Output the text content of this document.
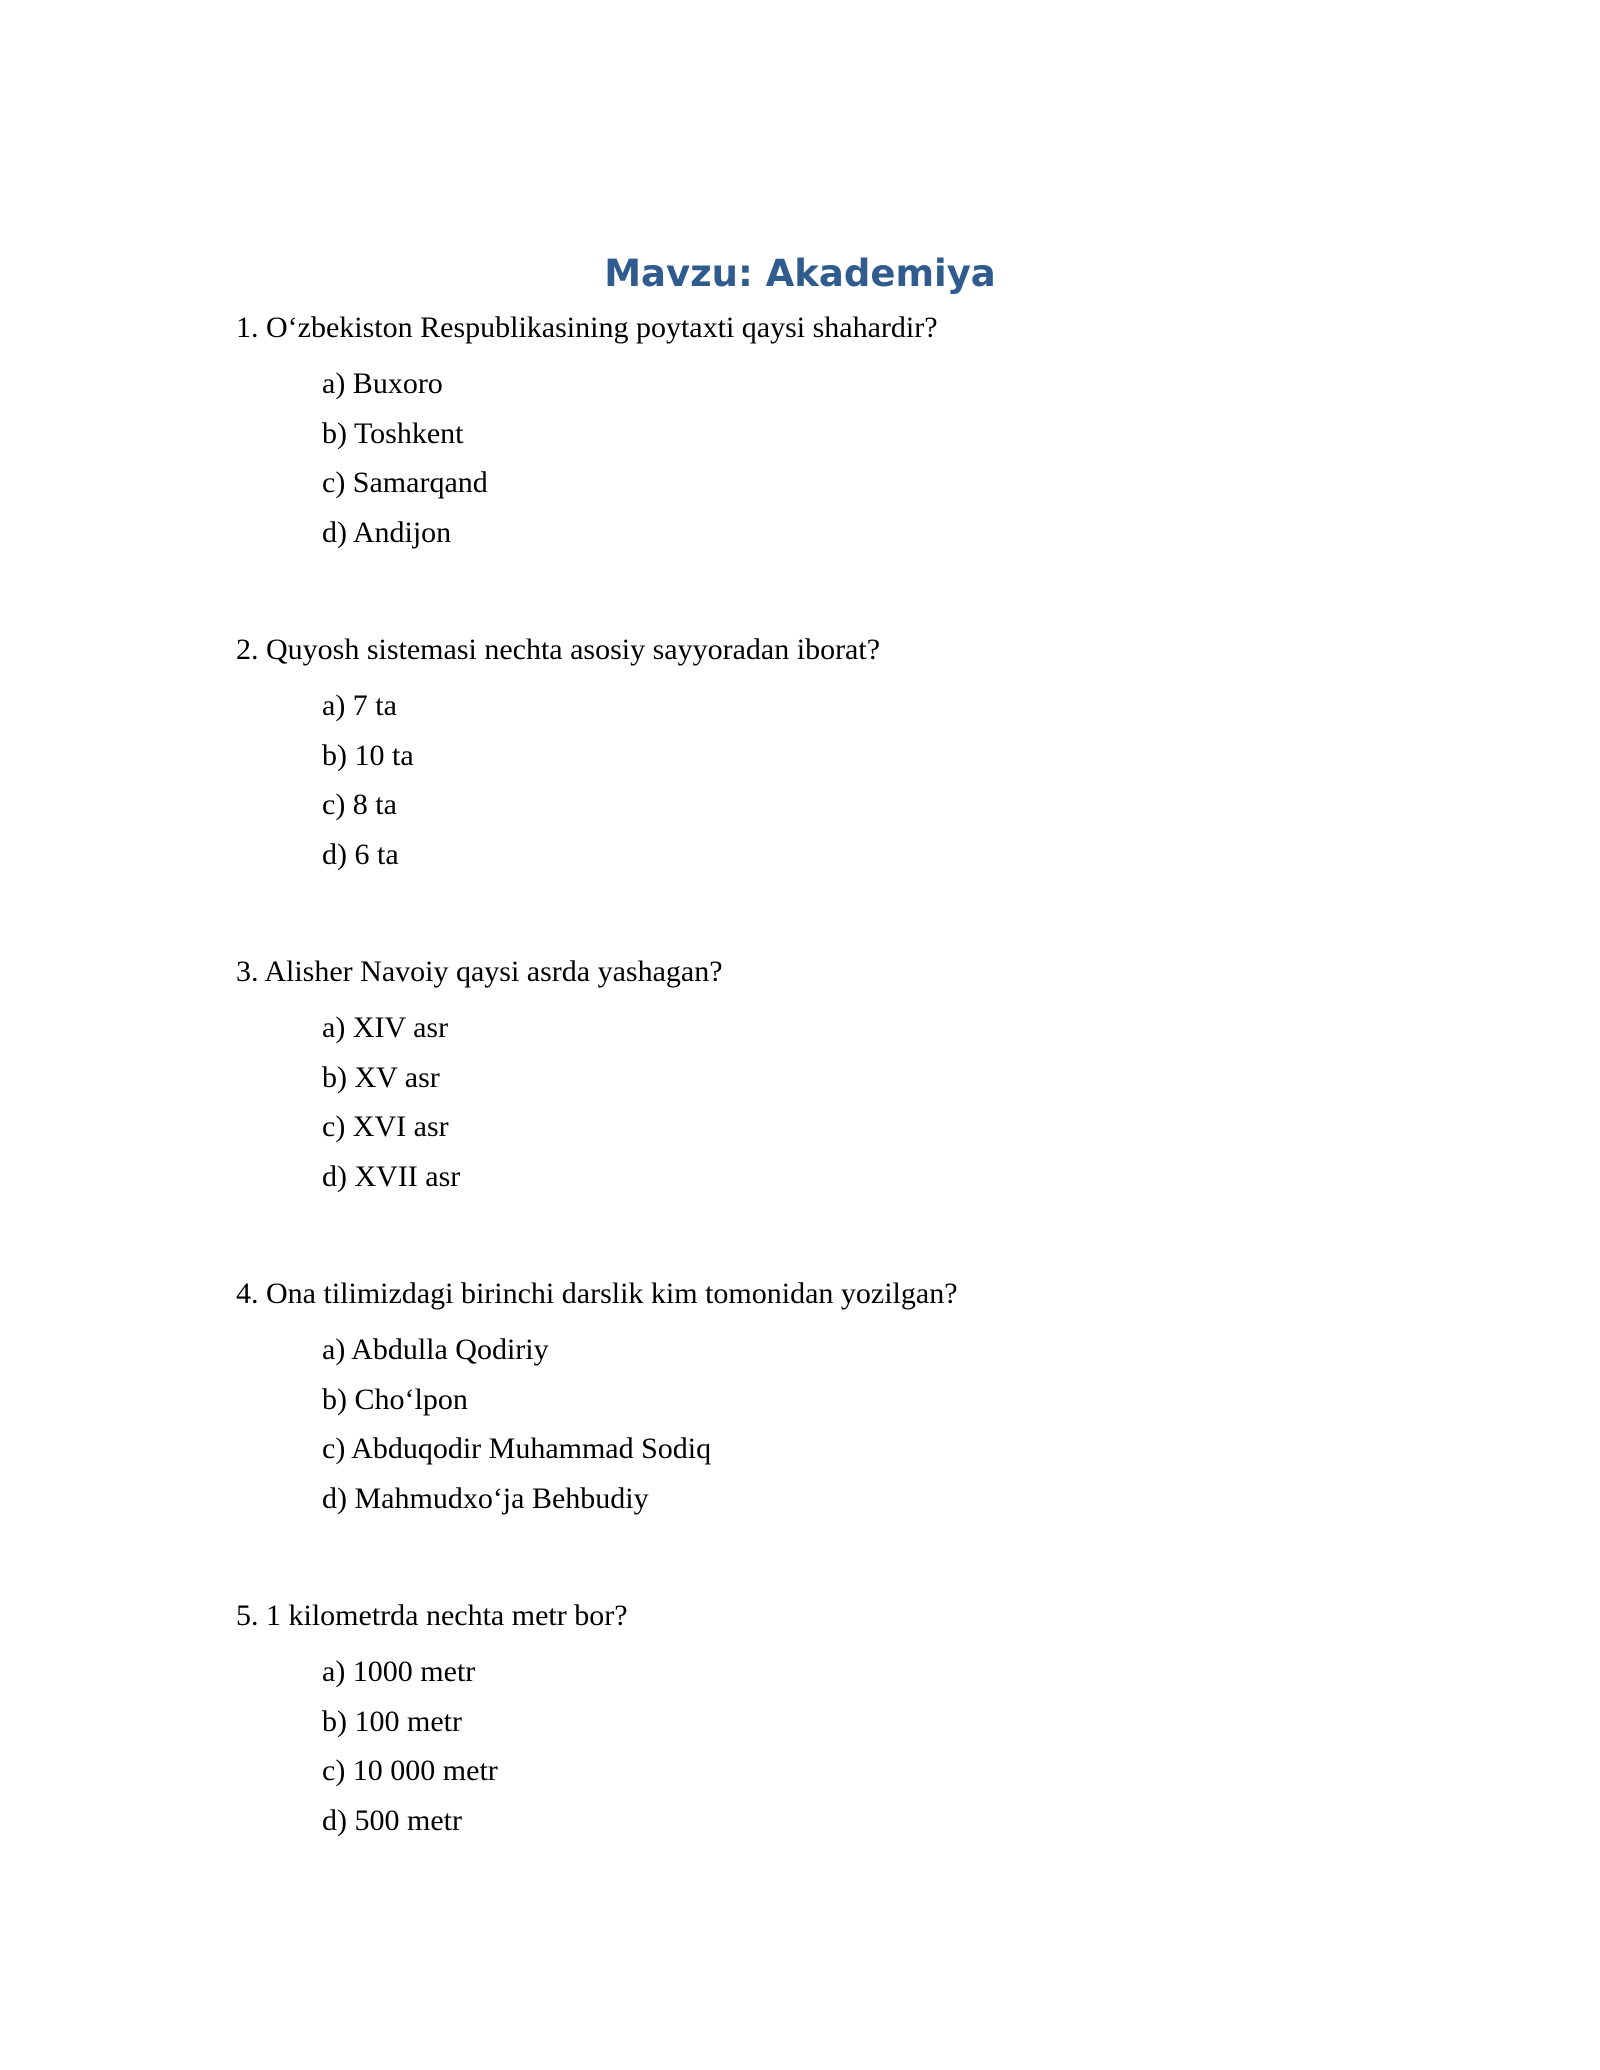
Mavzu: Akademiya
1. O‘zbekiston Respublikasining poytaxti qaysi shahardir?
a) Buxoro
b) Toshkent
c) Samarqand
d) Andijon
2. Quyosh sistemasi nechta asosiy sayyoradan iborat?
a) 7 ta
b) 10 ta
c) 8 ta
d) 6 ta
3. Alisher Navoiy qaysi asrda yashagan?
a) XIV asr
b) XV asr
c) XVI asr
d) XVII asr
4. Ona tilimizdagi birinchi darslik kim tomonidan yozilgan?
a) Abdulla Qodiriy
b) Cho‘lpon
c) Abduqodir Muhammad Sodiq
d) Mahmudxo‘ja Behbudiy
5. 1 kilometrda nechta metr bor?
a) 1000 metr
b) 100 metr
c) 10 000 metr
d) 500 metr
